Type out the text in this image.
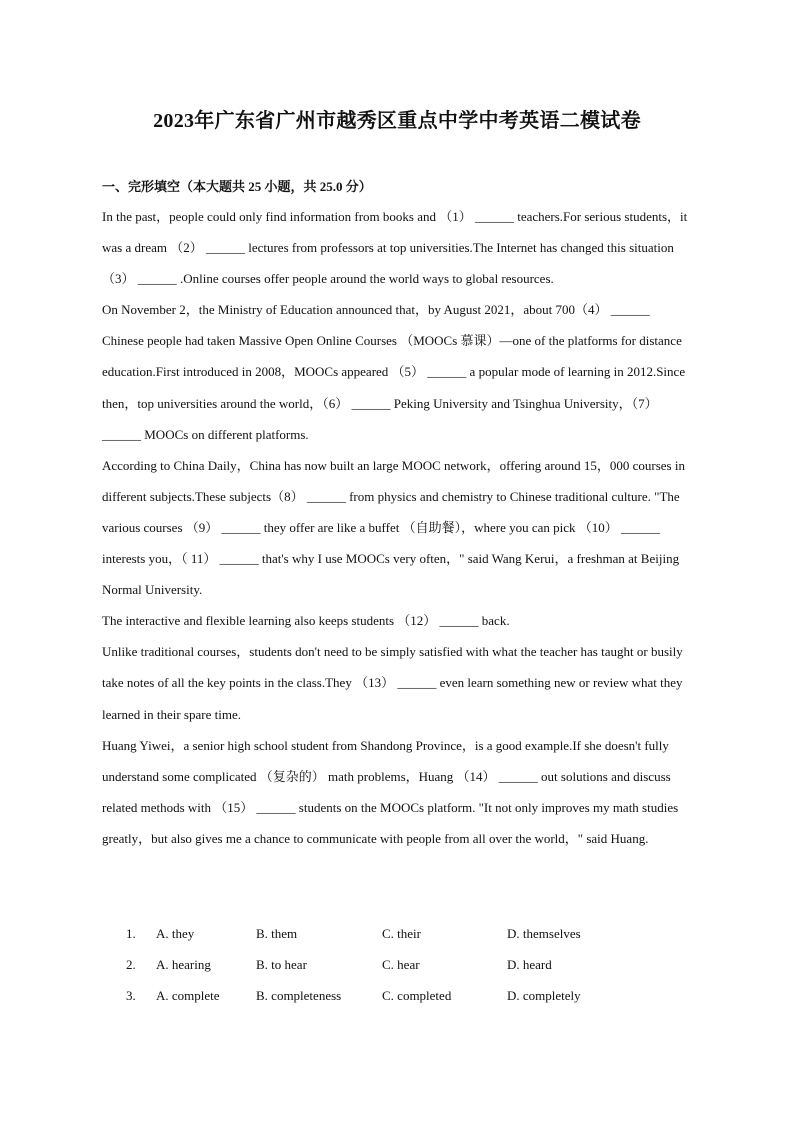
2023年广东省广州市越秀区重点中学中考英语二模试卷
一、完形填空（本大题共 25 小题，共 25.0 分）

In the past，people could only find information from books and （1） ______ teachers.For serious students，it was a dream （2） ______ lectures from professors at top universities.The Internet has changed this situation （3） ______ .Online courses offer people around the world ways to global resources.

On November 2，the Ministry of Education announced that，by August 2021，about 700（4） ______ Chinese people had taken Massive Open Online Courses （MOOCs 慕课）—one of the platforms for distance education.First introduced in 2008，MOOCs appeared （5） ______ a popular mode of learning in 2012.Since then，top universities around the world，（6） ______ Peking University and Tsinghua University，（7） ______ MOOCs on different platforms.

According to China Daily，China has now built an large MOOC network，offering around 15，000 courses in different subjects.These subjects（8） ______ from physics and chemistry to Chinese traditional culture. "The various courses （9） ______ they offer are like a buffet （自助餐），where you can pick （10） ______ interests you，（ 11） ______ that's why I use MOOCs very often，" said Wang Kerui，a freshman at Beijing Normal University.

The interactive and flexible learning also keeps students （12） ______ back.

Unlike traditional courses，students don't need to be simply satisfied with what the teacher has taught or busily take notes of all the key points in the class.They （13） ______ even learn something new or review what they learned in their spare time.

Huang Yiwei，a senior high school student from Shandong Province，is a good example.If she doesn't fully understand some complicated （复杂的） math problems，Huang （14） ______ out solutions and discuss related methods with （15） ______ students on the MOOCs platform. "It not only improves my math studies greatly，but also gives me a chance to communicate with people from all over the world，" said Huang.

1. A. they	B. them	C. their	D. themselves
2. A. hearing	B. to hear	C. hear	D. heard
3. A. complete	B. completeness	C. completed	D. completely
